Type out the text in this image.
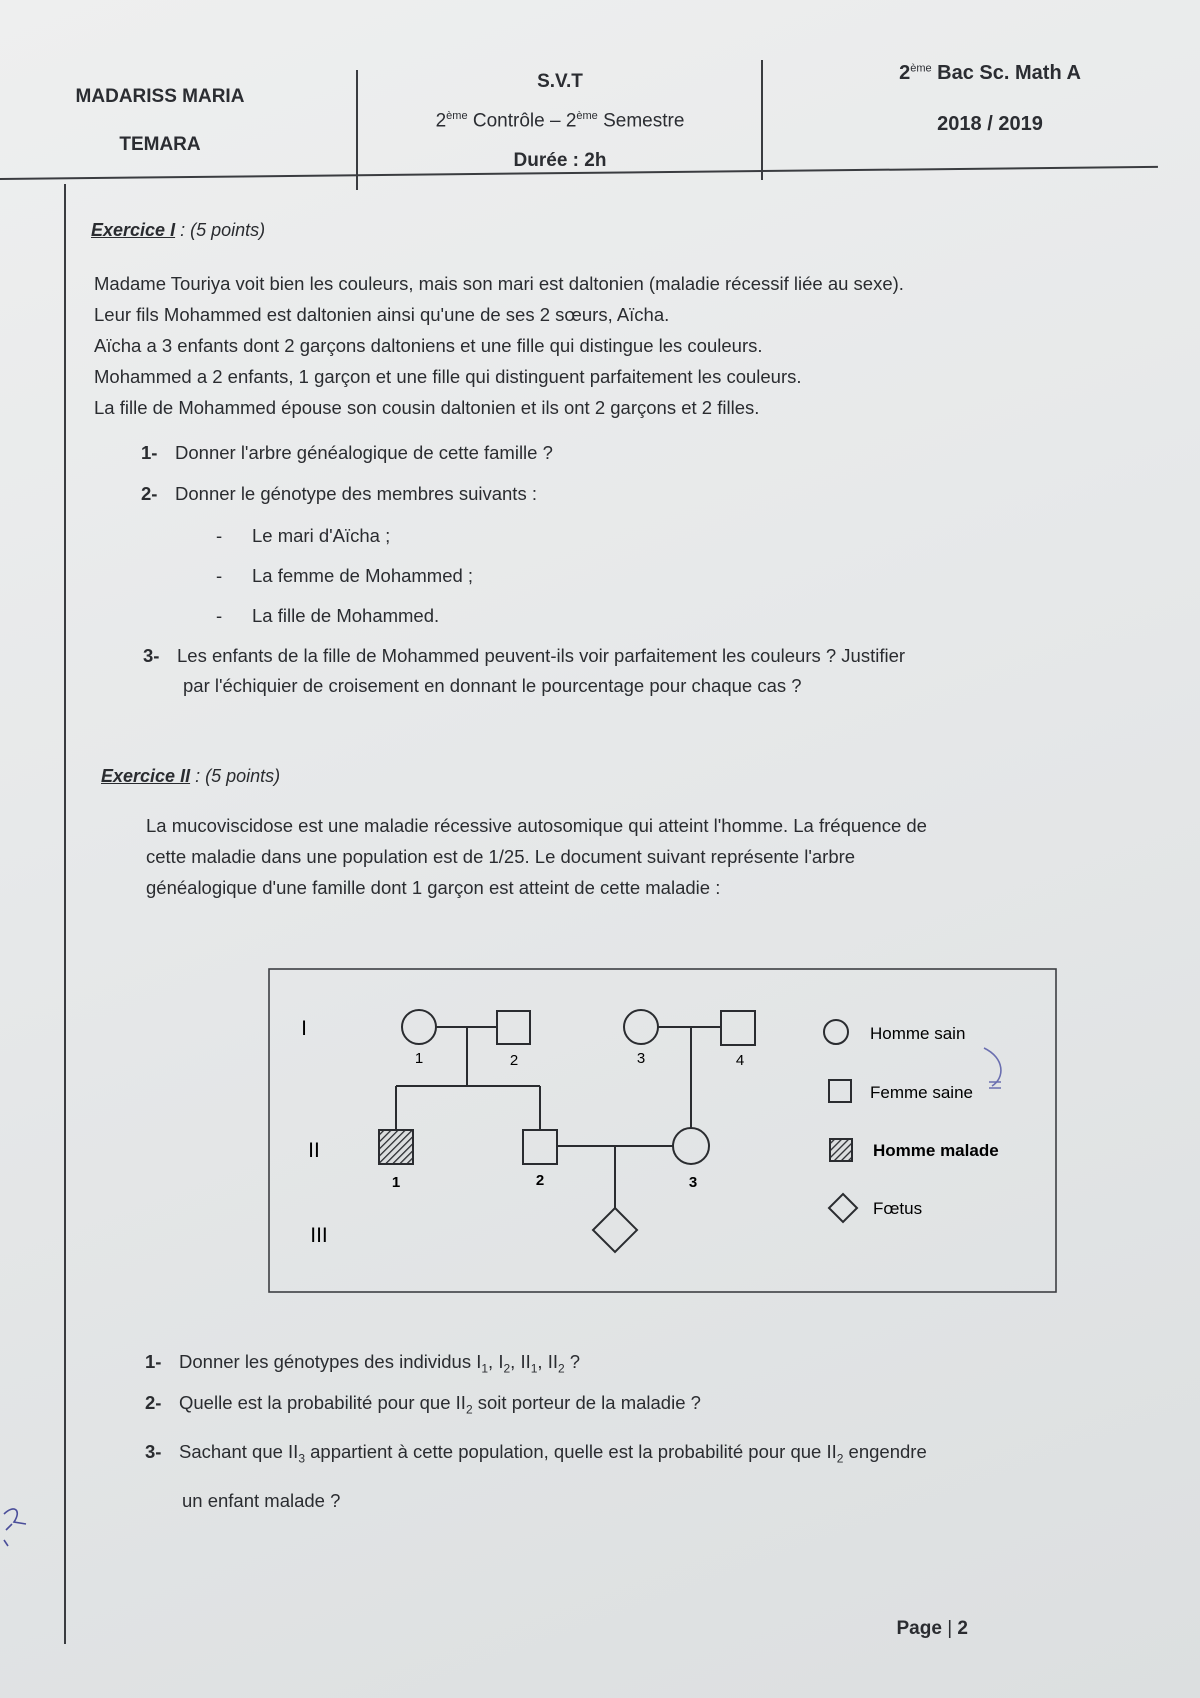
MADARISS MARIA
TEMARA
S.V.T
2ème Contrôle – 2ème Semestre
Durée : 2h
2ème Bac Sc. Math A
2018 / 2019
Exercice I : (5 points)
Madame Touriya voit bien les couleurs, mais son mari est daltonien (maladie récessif liée au sexe).
Leur fils Mohammed est daltonien ainsi qu'une de ses 2 sœurs, Aïcha.
Aïcha a 3 enfants dont 2 garçons daltoniens et une fille qui distingue les couleurs.
Mohammed a 2 enfants, 1 garçon et une fille qui distinguent parfaitement les couleurs.
La fille de Mohammed épouse son cousin daltonien et ils ont 2 garçons et 2 filles.
1- Donner l'arbre généalogique de cette famille ?
2- Donner le génotype des membres suivants :
- Le mari d'Aïcha ;
- La femme de Mohammed ;
- La fille de Mohammed.
3- Les enfants de la fille de Mohammed peuvent-ils voir parfaitement les couleurs ? Justifier
par l'échiquier de croisement en donnant le pourcentage pour chaque cas ?
Exercice II : (5 points)
La mucoviscidose est une maladie récessive autosomique qui atteint l'homme. La fréquence de
cette maladie dans une population est de 1/25. Le document suivant représente l'arbre
généalogique d'une famille dont 1 garçon est atteint de cette maladie :
I
II
III
1	2	3	4
1	2	3
Homme sain
Femme saine
Homme malade
Fœtus
1- Donner les génotypes des individus $I_1$, $I_2$, $II_1$, $II_2$ ?
2- Quelle est la probabilité pour que $II_2$ soit porteur de la maladie ?
3- Sachant que $II_3$ appartient à cette population, quelle est la probabilité pour que $II_2$ engendre
un enfant malade ?
Page | 2
